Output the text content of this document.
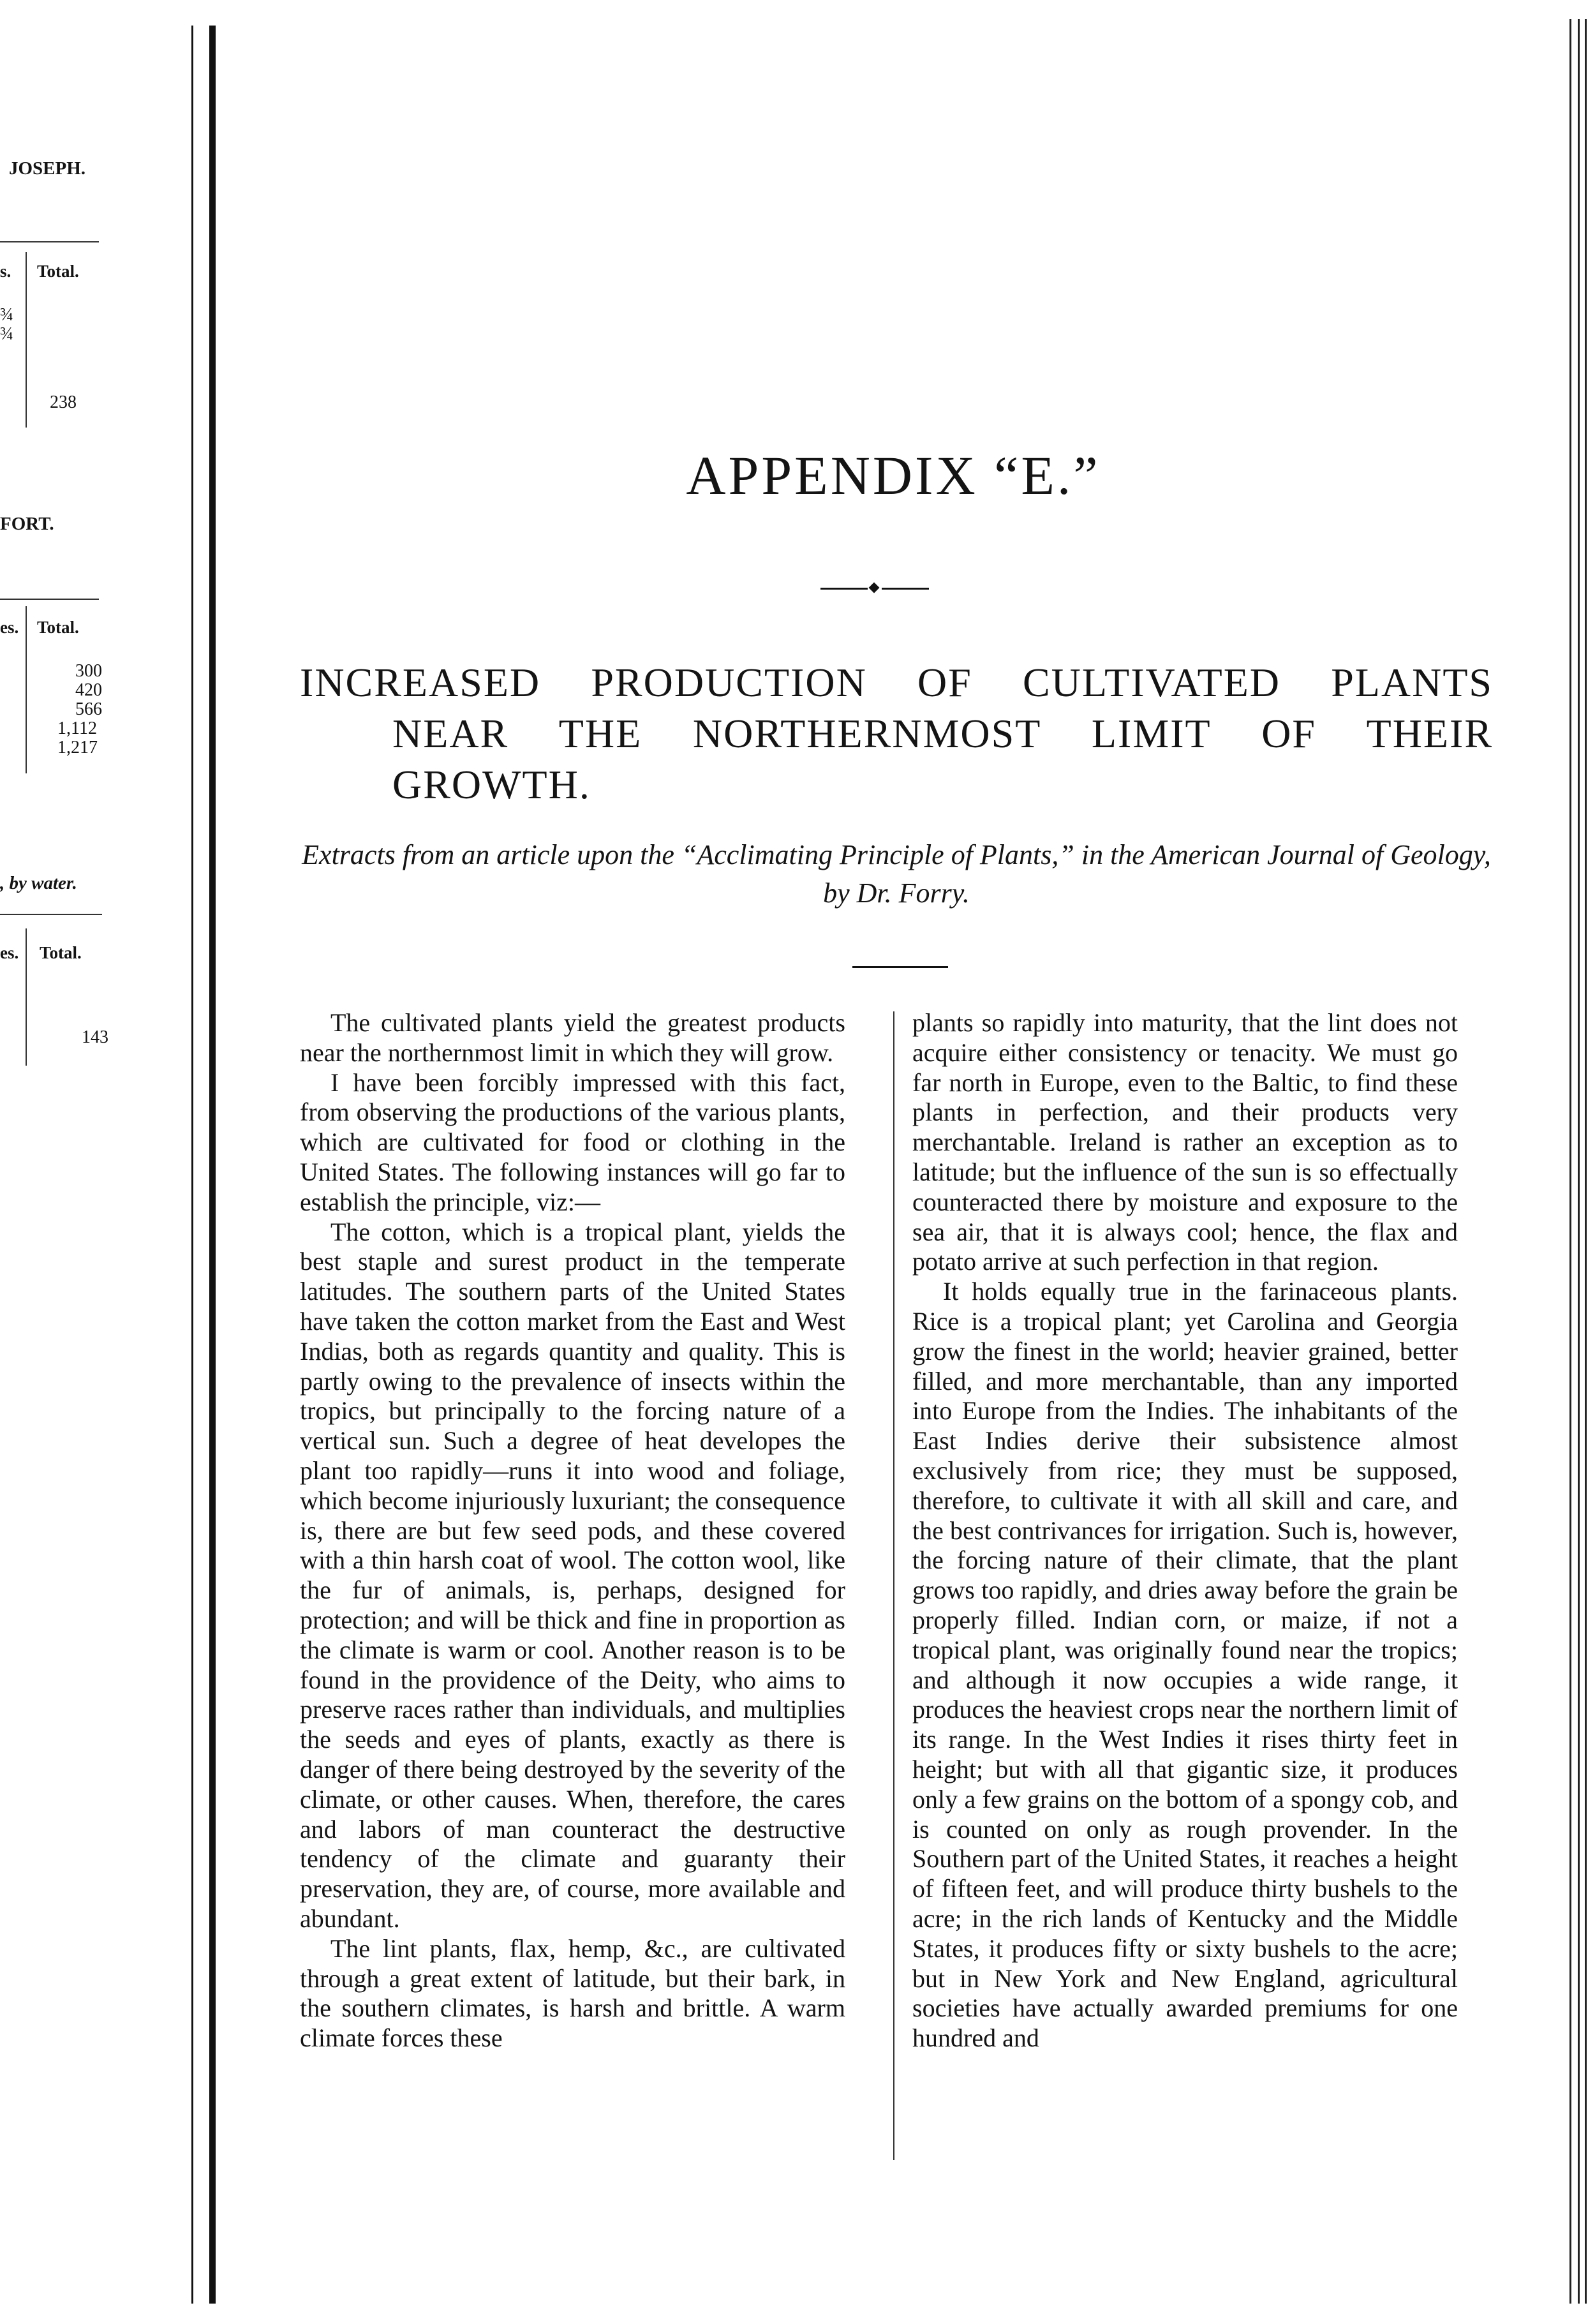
JOSEPH.
s. Total.
¾
¾
238
FORT.
es. Total.
300
420
566
1,112
1,217
, by water.
es. Total.
143
APPENDIX “E.”
INCREASED PRODUCTION OF CULTIVATED PLANTS
NEAR THE NORTHERNMOST LIMIT OF THEIR
GROWTH.
Extracts from an article upon the “Acclimating Principle of Plants,” in the American Journal of Geology, by Dr. Forry.

The cultivated plants yield the greatest products near the northernmost limit in which they will grow.

I have been forcibly impressed with this fact, from observing the productions of the various plants, which are cultivated for food or clothing in the United States. The following instances will go far to establish the principle, viz:—

The cotton, which is a tropical plant, yields the best staple and surest product in the temperate latitudes. The southern parts of the United States have taken the cotton market from the East and West Indias, both as regards quantity and quality. This is partly owing to the prevalence of insects within the tropics, but principally to the forcing nature of a vertical sun. Such a degree of heat developes the plant too rapidly—runs it into wood and foliage, which become injuriously luxuriant; the consequence is, there are but few seed pods, and these covered with a thin harsh coat of wool. The cotton wool, like the fur of animals, is, perhaps, designed for protection; and will be thick and fine in proportion as the climate is warm or cool. Another reason is to be found in the providence of the Deity, who aims to preserve races rather than individuals, and multiplies the seeds and eyes of plants, exactly as there is danger of there being destroyed by the severity of the climate, or other causes. When, therefore, the cares and labors of man counteract the destructive tendency of the climate and guaranty their preservation, they are, of course, more available and abundant.

The lint plants, flax, hemp, &c., are cultivated through a great extent of latitude, but their bark, in the southern climates, is harsh and brittle. A warm climate forces these

plants so rapidly into maturity, that the lint does not acquire either consistency or tenacity. We must go far north in Europe, even to the Baltic, to find these plants in perfection, and their products very merchantable. Ireland is rather an exception as to latitude; but the influence of the sun is so effectually counteracted there by moisture and exposure to the sea air, that it is always cool; hence, the flax and potato arrive at such perfection in that region.

It holds equally true in the farinaceous plants. Rice is a tropical plant; yet Carolina and Georgia grow the finest in the world; heavier grained, better filled, and more merchantable, than any imported into Europe from the Indies. The inhabitants of the East Indies derive their subsistence almost exclusively from rice; they must be supposed, therefore, to cultivate it with all skill and care, and the best contrivances for irrigation. Such is, however, the forcing nature of their climate, that the plant grows too rapidly, and dries away before the grain be properly filled. Indian corn, or maize, if not a tropical plant, was originally found near the tropics; and although it now occupies a wide range, it produces the heaviest crops near the northern limit of its range. In the West Indies it rises thirty feet in height; but with all that gigantic size, it produces only a few grains on the bottom of a spongy cob, and is counted on only as rough provender. In the Southern part of the United States, it reaches a height of fifteen feet, and will produce thirty bushels to the acre; in the rich lands of Kentucky and the Middle States, it produces fifty or sixty bushels to the acre; but in New York and New England, agricultural societies have actually awarded premiums for one hundred and
